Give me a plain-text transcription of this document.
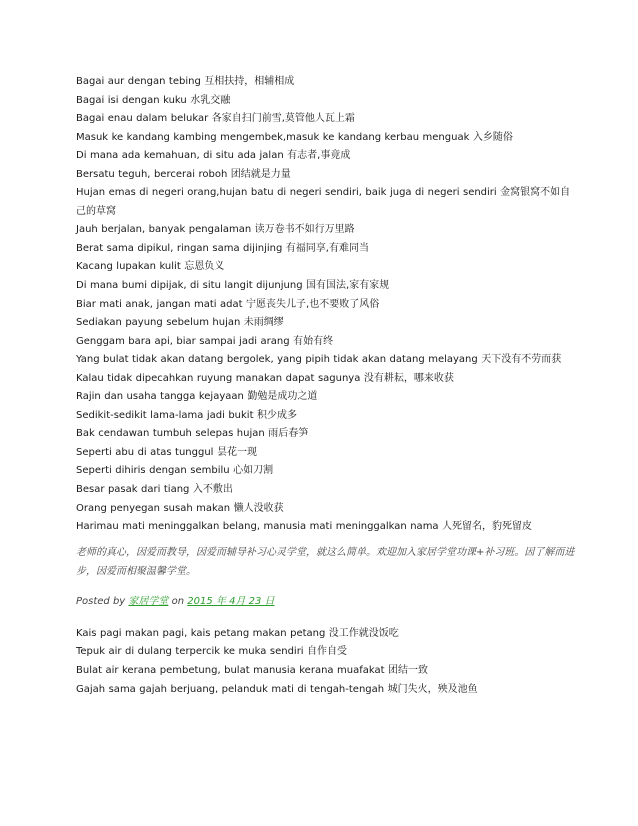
Bagai aur dengan tebing 互相扶持，相辅相成
Bagai isi dengan kuku 水乳交融
Bagai enau dalam belukar 各家自扫门前雪,莫管他人瓦上霜
Masuk ke kandang kambing mengembek,masuk ke kandang kerbau menguak 入乡随俗
Di mana ada kemahuan, di situ ada jalan 有志者,事竟成
Bersatu teguh, bercerai roboh 团结就是力量
Hujan emas di negeri orang,hujan batu di negeri sendiri, baik juga di negeri sendiri 金窝银窝不如自己的草窝
Jauh berjalan, banyak pengalaman 读万卷书不如行万里路
Berat sama dipikul, ringan sama dijinjing 有福同享,有难同当
Kacang lupakan kulit 忘恩负义
Di mana bumi dipijak, di situ langit dijunjung 国有国法,家有家规
Biar mati anak, jangan mati adat 宁愿丧失儿子,也不要败了风俗
Sediakan payung sebelum hujan 未雨绸缪
Genggam bara api, biar sampai jadi arang 有始有终
Yang bulat tidak akan datang bergolek, yang pipih tidak akan datang melayang 天下没有不劳而获
Kalau tidak dipecahkan ruyung manakan dapat sagunya 没有耕耘，哪来收获
Rajin dan usaha tangga kejayaan 勤勉是成功之道
Sedikit-sedikit lama-lama jadi bukit 积少成多
Bak cendawan tumbuh selepas hujan 雨后春笋
Seperti abu di atas tunggul 昙花一现
Seperti dihiris dengan sembilu 心如刀割
Besar pasak dari tiang 入不敷出
Orang penyegan susah makan 懒人没收获
Harimau mati meninggalkan belang, manusia mati meninggalkan nama 人死留名，豹死留皮
老师的真心，因爱而教导，因爱而辅导补习心灵学堂，就这么简单。欢迎加入家居学堂功课+补习班。因了解而进步，因爱而相聚温馨学堂。
Posted by 家居学堂 on 2015 年 4月 23 日
Kais pagi makan pagi, kais petang makan petang 没工作就没饭吃
Tepuk air di dulang terpercik ke muka sendiri 自作自受
Bulat air kerana pembetung, bulat manusia kerana muafakat 团结一致
Gajah sama gajah berjuang, pelanduk mati di tengah-tengah 城门失火，殃及池鱼
